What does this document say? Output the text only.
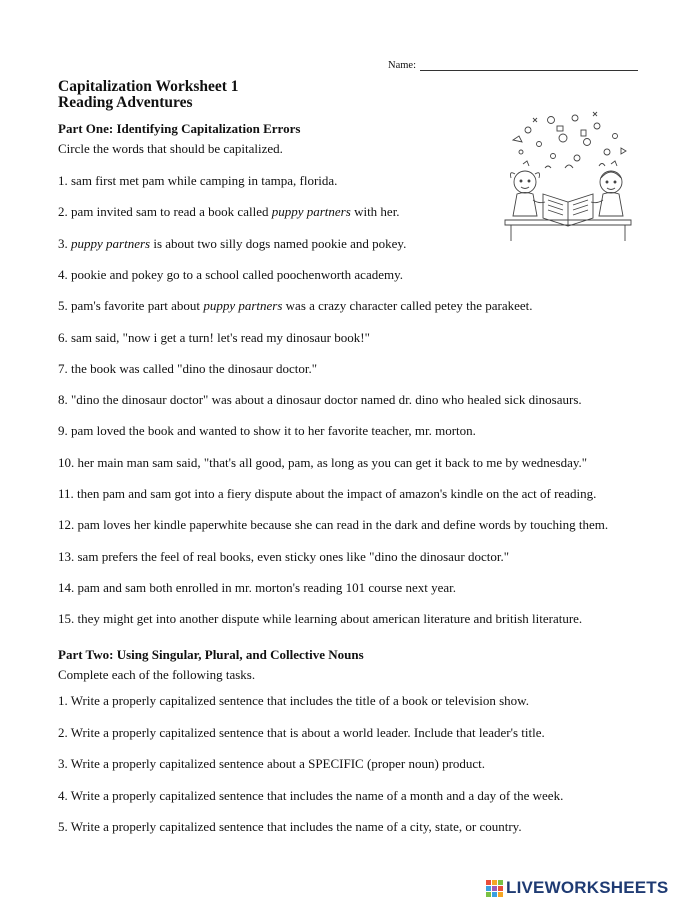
Name:
Capitalization Worksheet 1
Reading Adventures
Part One: Identifying Capitalization Errors
Circle the words that should be capitalized.
1. sam first met pam while camping in tampa, florida.
2. pam invited sam to read a book called puppy partners with her.
3. puppy partners is about two silly dogs named pookie and pokey.
4. pookie and pokey go to a school called poochenworth academy.
5. pam's favorite part about puppy partners was a crazy character called petey the parakeet.
6. sam said, "now i get a turn! let's read my dinosaur book!"
7. the book was called "dino the dinosaur doctor."
8. "dino the dinosaur doctor" was about a dinosaur doctor named dr. dino who healed sick dinosaurs.
9. pam loved the book and wanted to show it to her favorite teacher, mr. morton.
10. her main man sam said, "that's all good, pam, as long as you can get it back to me by wednesday."
11. then pam and sam got into a fiery dispute about the impact of amazon's kindle on the act of reading.
12. pam loves her kindle paperwhite because she can read in the dark and define words by touching them.
13. sam prefers the feel of real books, even sticky ones like "dino the dinosaur doctor."
14. pam and sam both enrolled in mr. morton's reading 101 course next year.
15. they might get into another dispute while learning about american literature and british literature.
Part Two: Using Singular, Plural, and Collective Nouns
Complete each of the following tasks.
1. Write a properly capitalized sentence that includes the title of a book or television show.
2. Write a properly capitalized sentence that is about a world leader. Include that leader's title.
3. Write a properly capitalized sentence about a SPECIFIC (proper noun) product.
4. Write a properly capitalized sentence that includes the name of a month and a day of the week.
5. Write a properly capitalized sentence that includes the name of a city, state, or country.
LIVEWORKSHEETS
